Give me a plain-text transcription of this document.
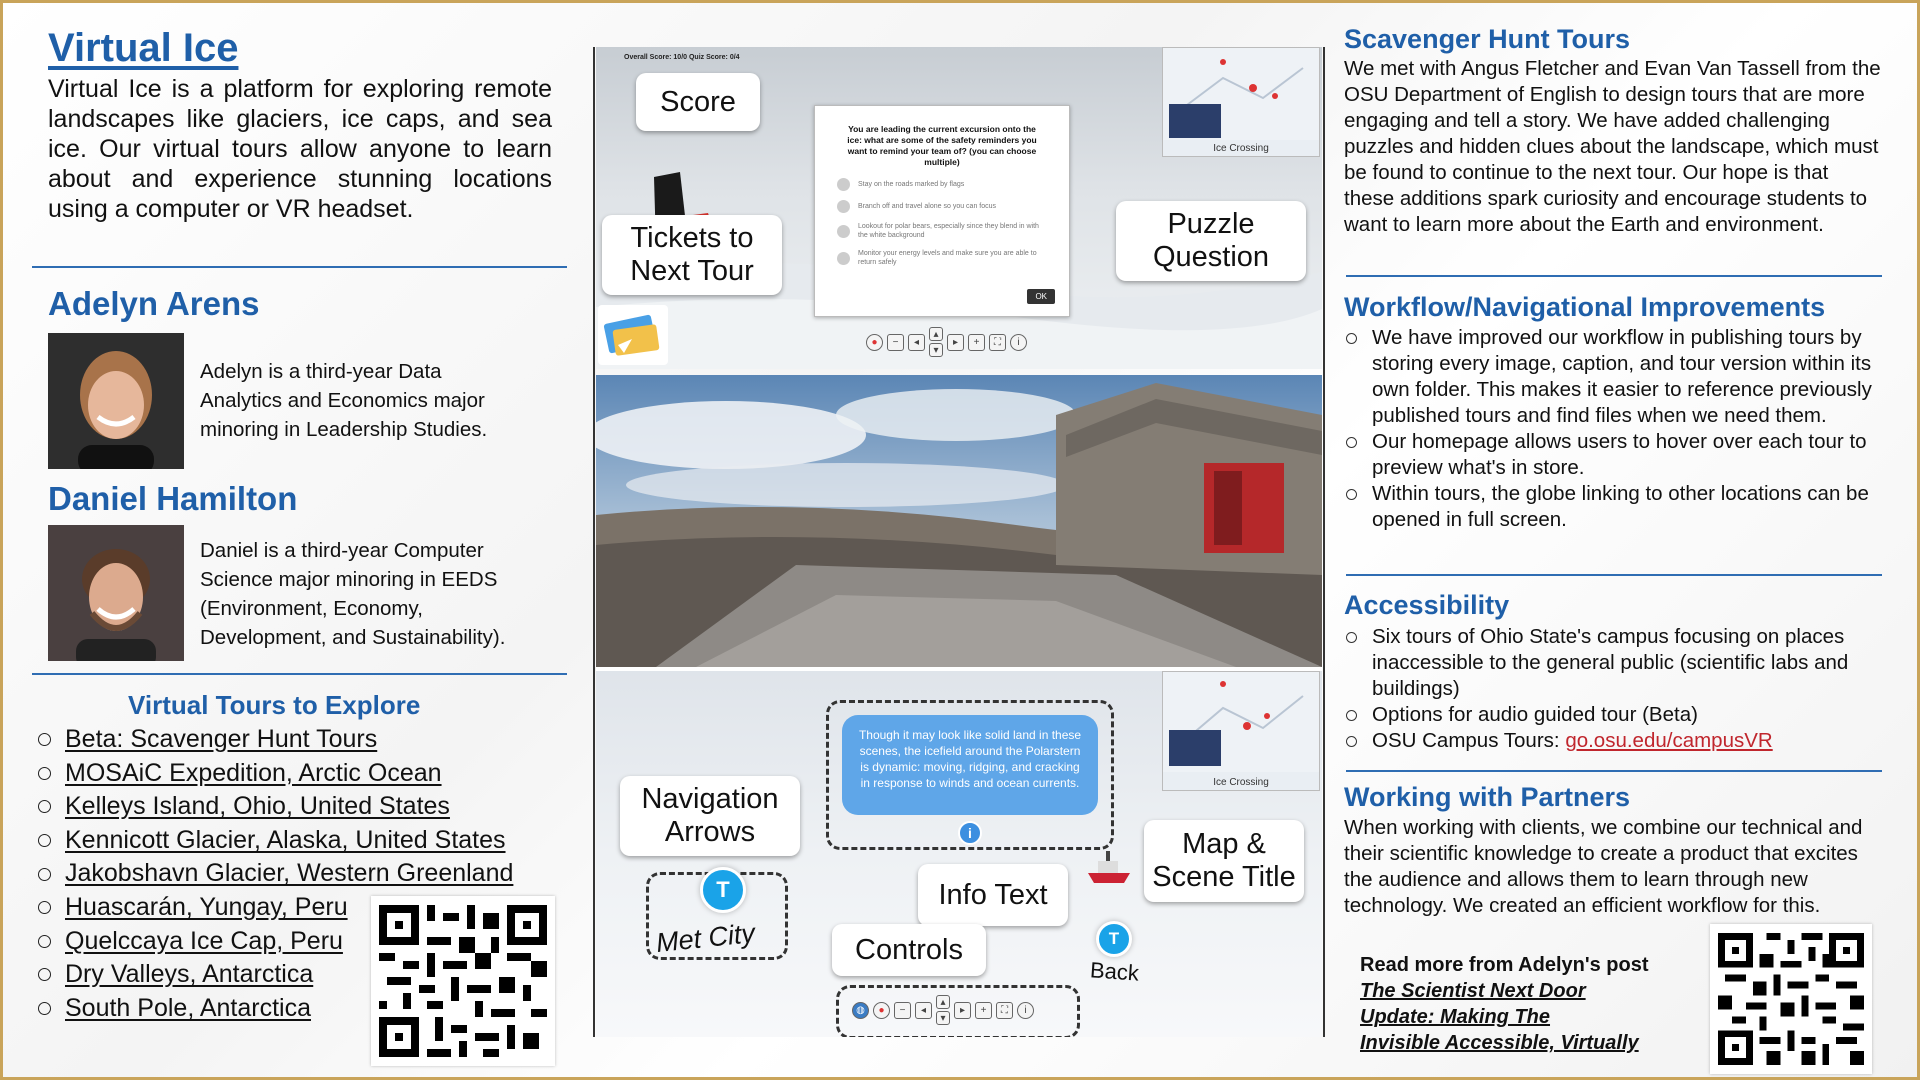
Virtual Ice
Virtual Ice is a platform for exploring remote landscapes like glaciers, ice caps, and sea ice. Our virtual tours allow anyone to learn about and experience stunning locations using a computer or VR headset.
Adelyn Arens
Adelyn is a third-year Data
Analytics and Economics major
minoring in Leadership Studies.
Daniel Hamilton
Daniel is a third-year Computer
Science major minoring in EEDS
(Environment, Economy,
Development, and Sustainability).
Virtual Tours to Explore
Beta: Scavenger Hunt Tours
MOSAiC Expedition, Arctic Ocean
Kelleys Island, Ohio, United States
Kennicott Glacier, Alaska, United States
Jakobshavn Glacier, Western Greenland
Huascarán, Yungay, Peru
Quelccaya Ice Cap, Peru
Dry Valleys, Antarctica
South Pole, Antarctica
Overall Score: 10/0 Quiz Score: 0/4
Score
Tickets to Next Tour
You are leading the current excursion onto the ice: what are some of the safety reminders you want to remind your team of? (you can choose multiple)
Stay on the roads marked by flags
Branch off and travel alone so you can focus
Lookout for polar bears, especially since they blend in with the white background
Monitor your energy levels and make sure you are able to return safely
OK
Puzzle Question
Ice Crossing
●	−	◂
▴
▾
▸	+	⛶	i
Ice Crossing
Though it may look like solid land in these scenes, the icefield around the Polarstern is dynamic: moving, ridging, and cracking in response to winds and ocean currents.
i
Navigation Arrows
T
Met City
Info Text
Map & Scene Title
T
Back
Controls
◍	●	−	◂
▴
▾
▸	+	⛶	i
Scavenger Hunt Tours
We met with Angus Fletcher and Evan Van Tassell from the OSU Department of English to design tours that are more engaging and tell a story. We have added challenging puzzles and hidden clues about the landscape, which must be found to continue to the next tour. Our hope is that these additions spark curiosity and encourage students to want to learn more about the Earth and environment.
Workflow/Navigational Improvements
We have improved our workflow in publishing tours by storing every image, caption, and tour version within its own folder. This makes it easier to reference previously published tours and find files when we need them.
Our homepage allows users to hover over each tour to preview what's in store.
Within tours, the globe linking to other locations can be opened in full screen.
Accessibility
Six tours of Ohio State's campus focusing on places inaccessible to the general public (scientific labs and buildings)
Options for audio guided tour (Beta)
OSU Campus Tours: go.osu.edu/campusVR
Working with Partners
When working with clients, we combine our technical and their scientific knowledge to create a product that excites the audience and allows them to learn through new technology. We created an efficient workflow for this.
Read more from Adelyn's post
The Scientist Next Door
Update: Making The
Invisible Accessible, Virtually
